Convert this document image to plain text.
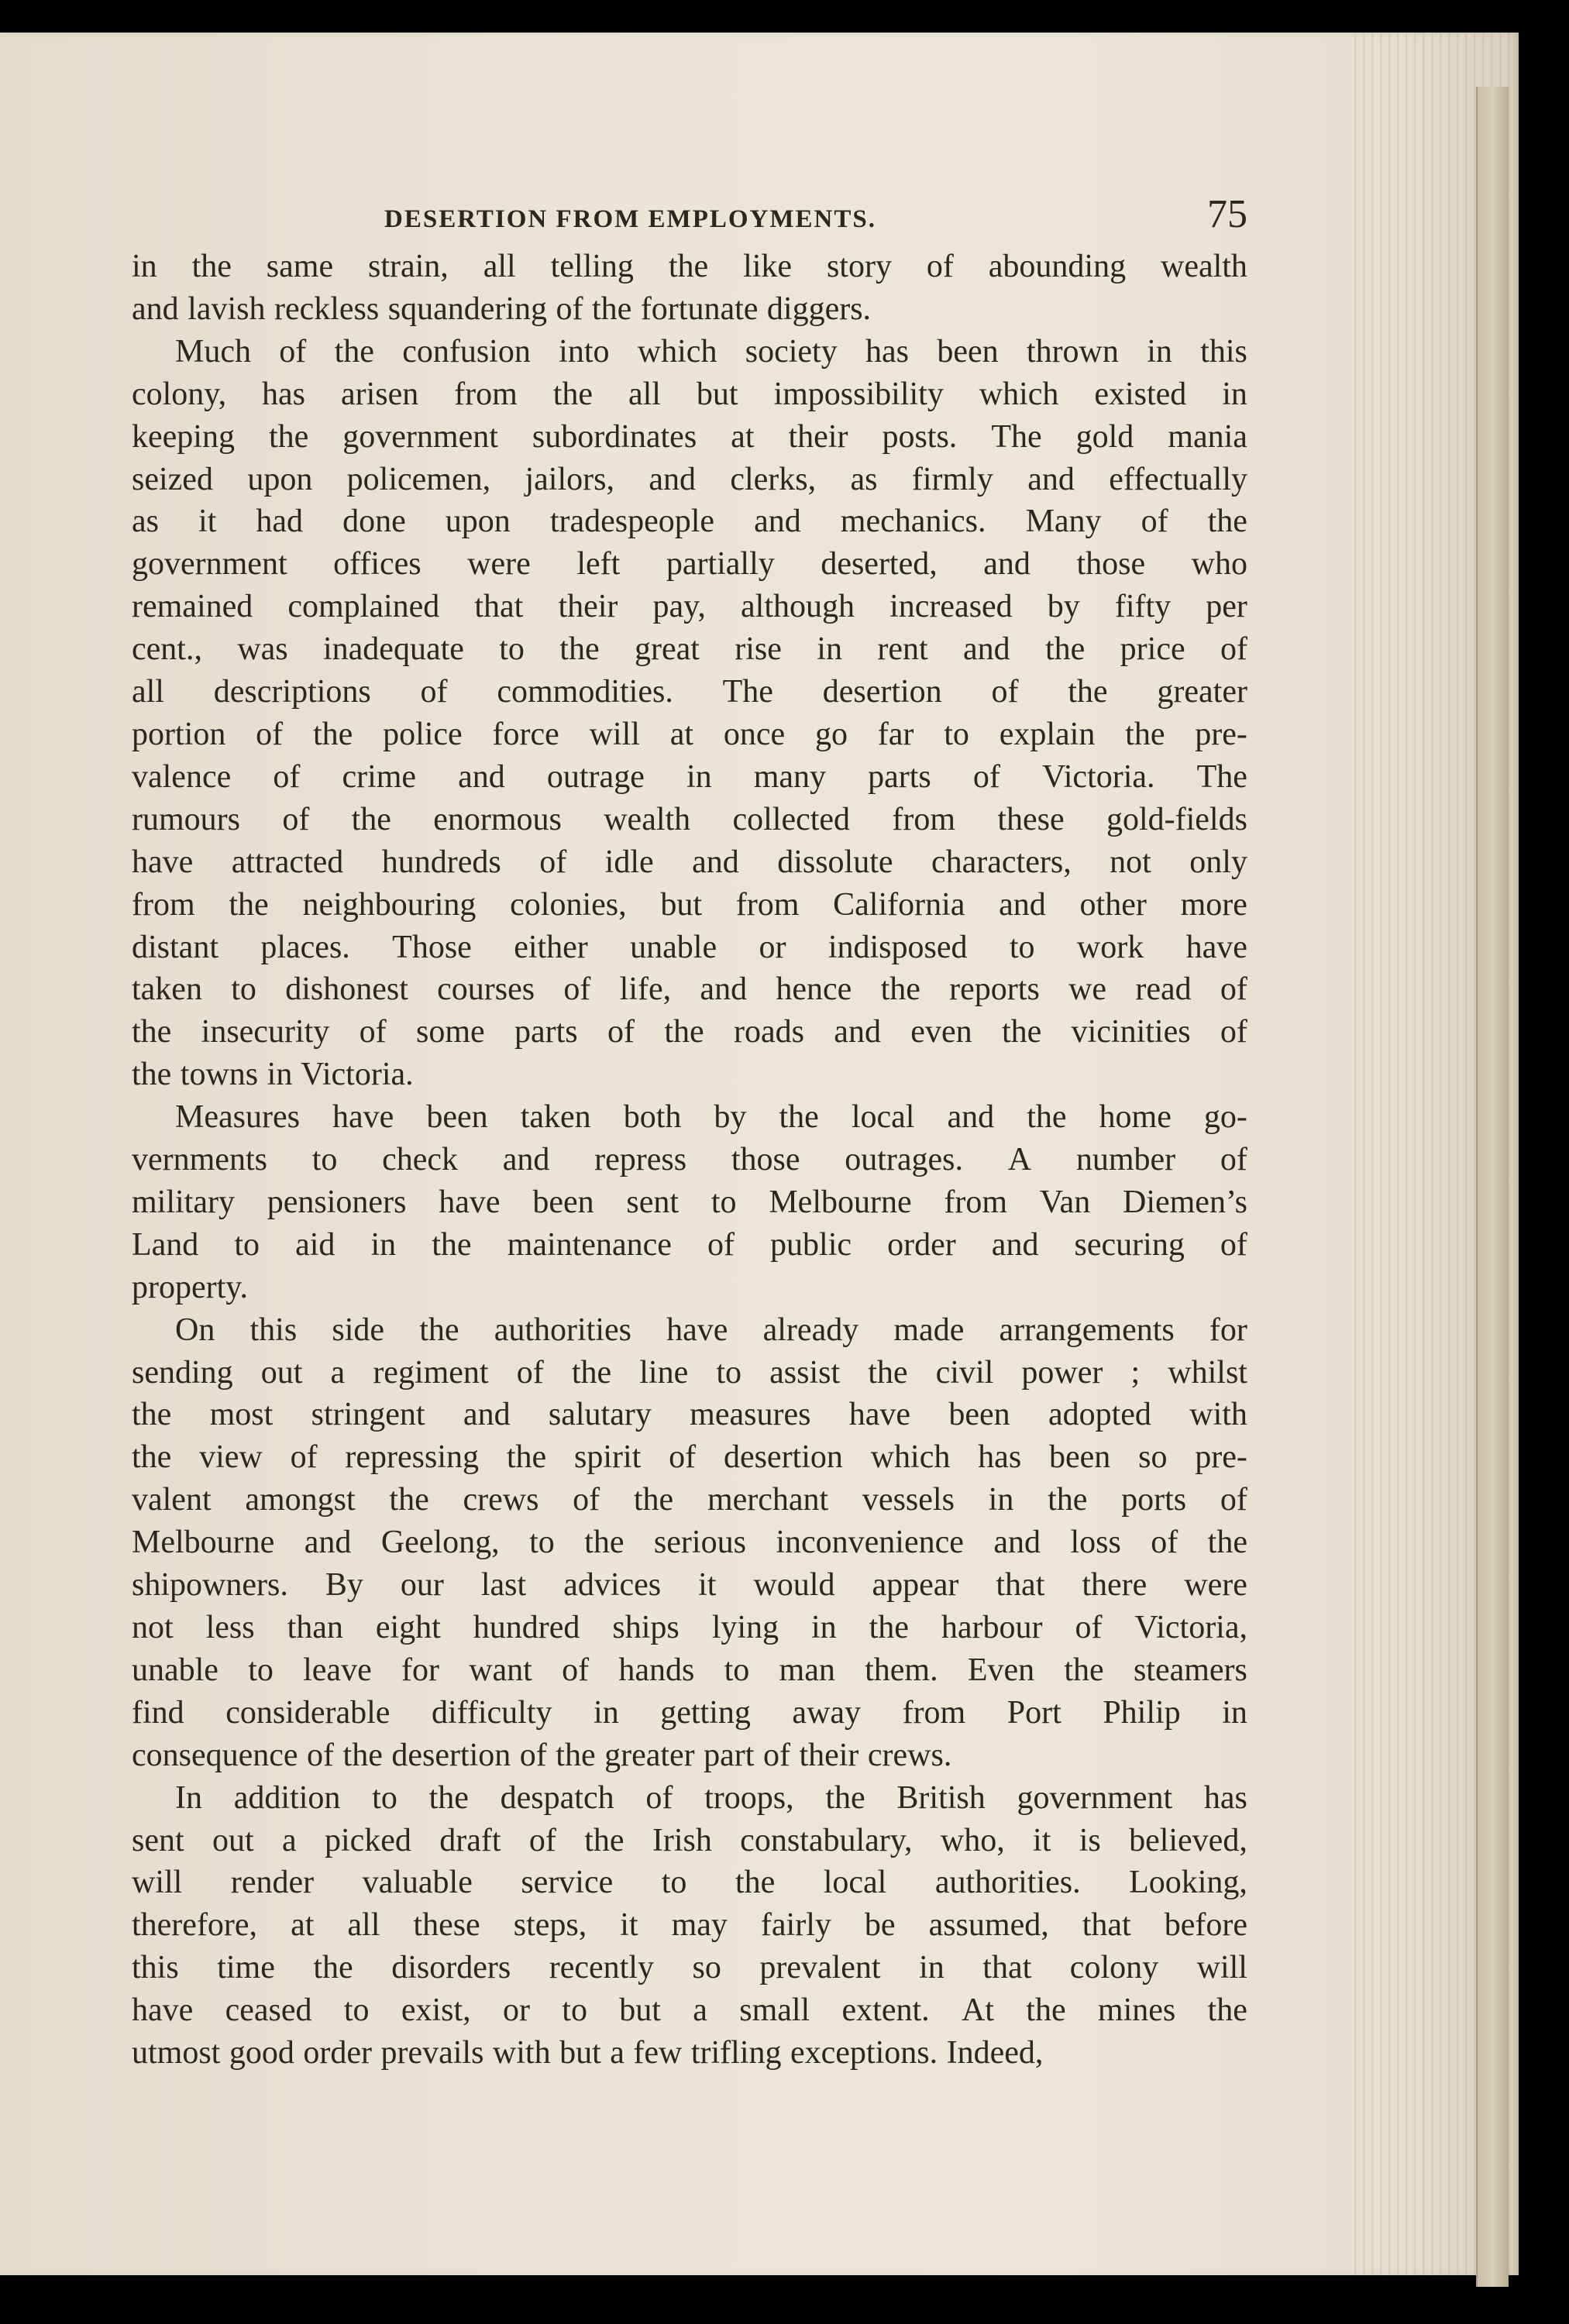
DESERTION FROM EMPLOYMENTS.	75

in the same strain, all telling the like story of abounding wealth
and lavish reckless squandering of the fortunate diggers.

Much of the confusion into which society has been thrown in this
colony, has arisen from the all but impossibility which existed in
keeping the government subordinates at their posts. The gold mania
seized upon policemen, jailors, and clerks, as firmly and effectually
as it had done upon tradespeople and mechanics. Many of the
government offices were left partially deserted, and those who
remained complained that their pay, although increased by fifty per
cent., was inadequate to the great rise in rent and the price of
all descriptions of commodities. The desertion of the greater
portion of the police force will at once go far to explain the pre-
valence of crime and outrage in many parts of Victoria. The
rumours of the enormous wealth collected from these gold-fields
have attracted hundreds of idle and dissolute characters, not only
from the neighbouring colonies, but from California and other more
distant places. Those either unable or indisposed to work have
taken to dishonest courses of life, and hence the reports we read of
the insecurity of some parts of the roads and even the vicinities of
the towns in Victoria.

Measures have been taken both by the local and the home go-
vernments to check and repress those outrages. A number of
military pensioners have been sent to Melbourne from Van Diemen’s
Land to aid in the maintenance of public order and securing of
property.

On this side the authorities have already made arrangements for
sending out a regiment of the line to assist the civil power ; whilst
the most stringent and salutary measures have been adopted with
the view of repressing the spirit of desertion which has been so pre-
valent amongst the crews of the merchant vessels in the ports of
Melbourne and Geelong, to the serious inconvenience and loss of the
shipowners. By our last advices it would appear that there were
not less than eight hundred ships lying in the harbour of Victoria,
unable to leave for want of hands to man them. Even the steamers
find considerable difficulty in getting away from Port Philip in
consequence of the desertion of the greater part of their crews.

In addition to the despatch of troops, the British government has
sent out a picked draft of the Irish constabulary, who, it is believed,
will render valuable service to the local authorities. Looking,
therefore, at all these steps, it may fairly be assumed, that before
this time the disorders recently so prevalent in that colony will
have ceased to exist, or to but a small extent. At the mines the
utmost good order prevails with but a few trifling exceptions. Indeed,
